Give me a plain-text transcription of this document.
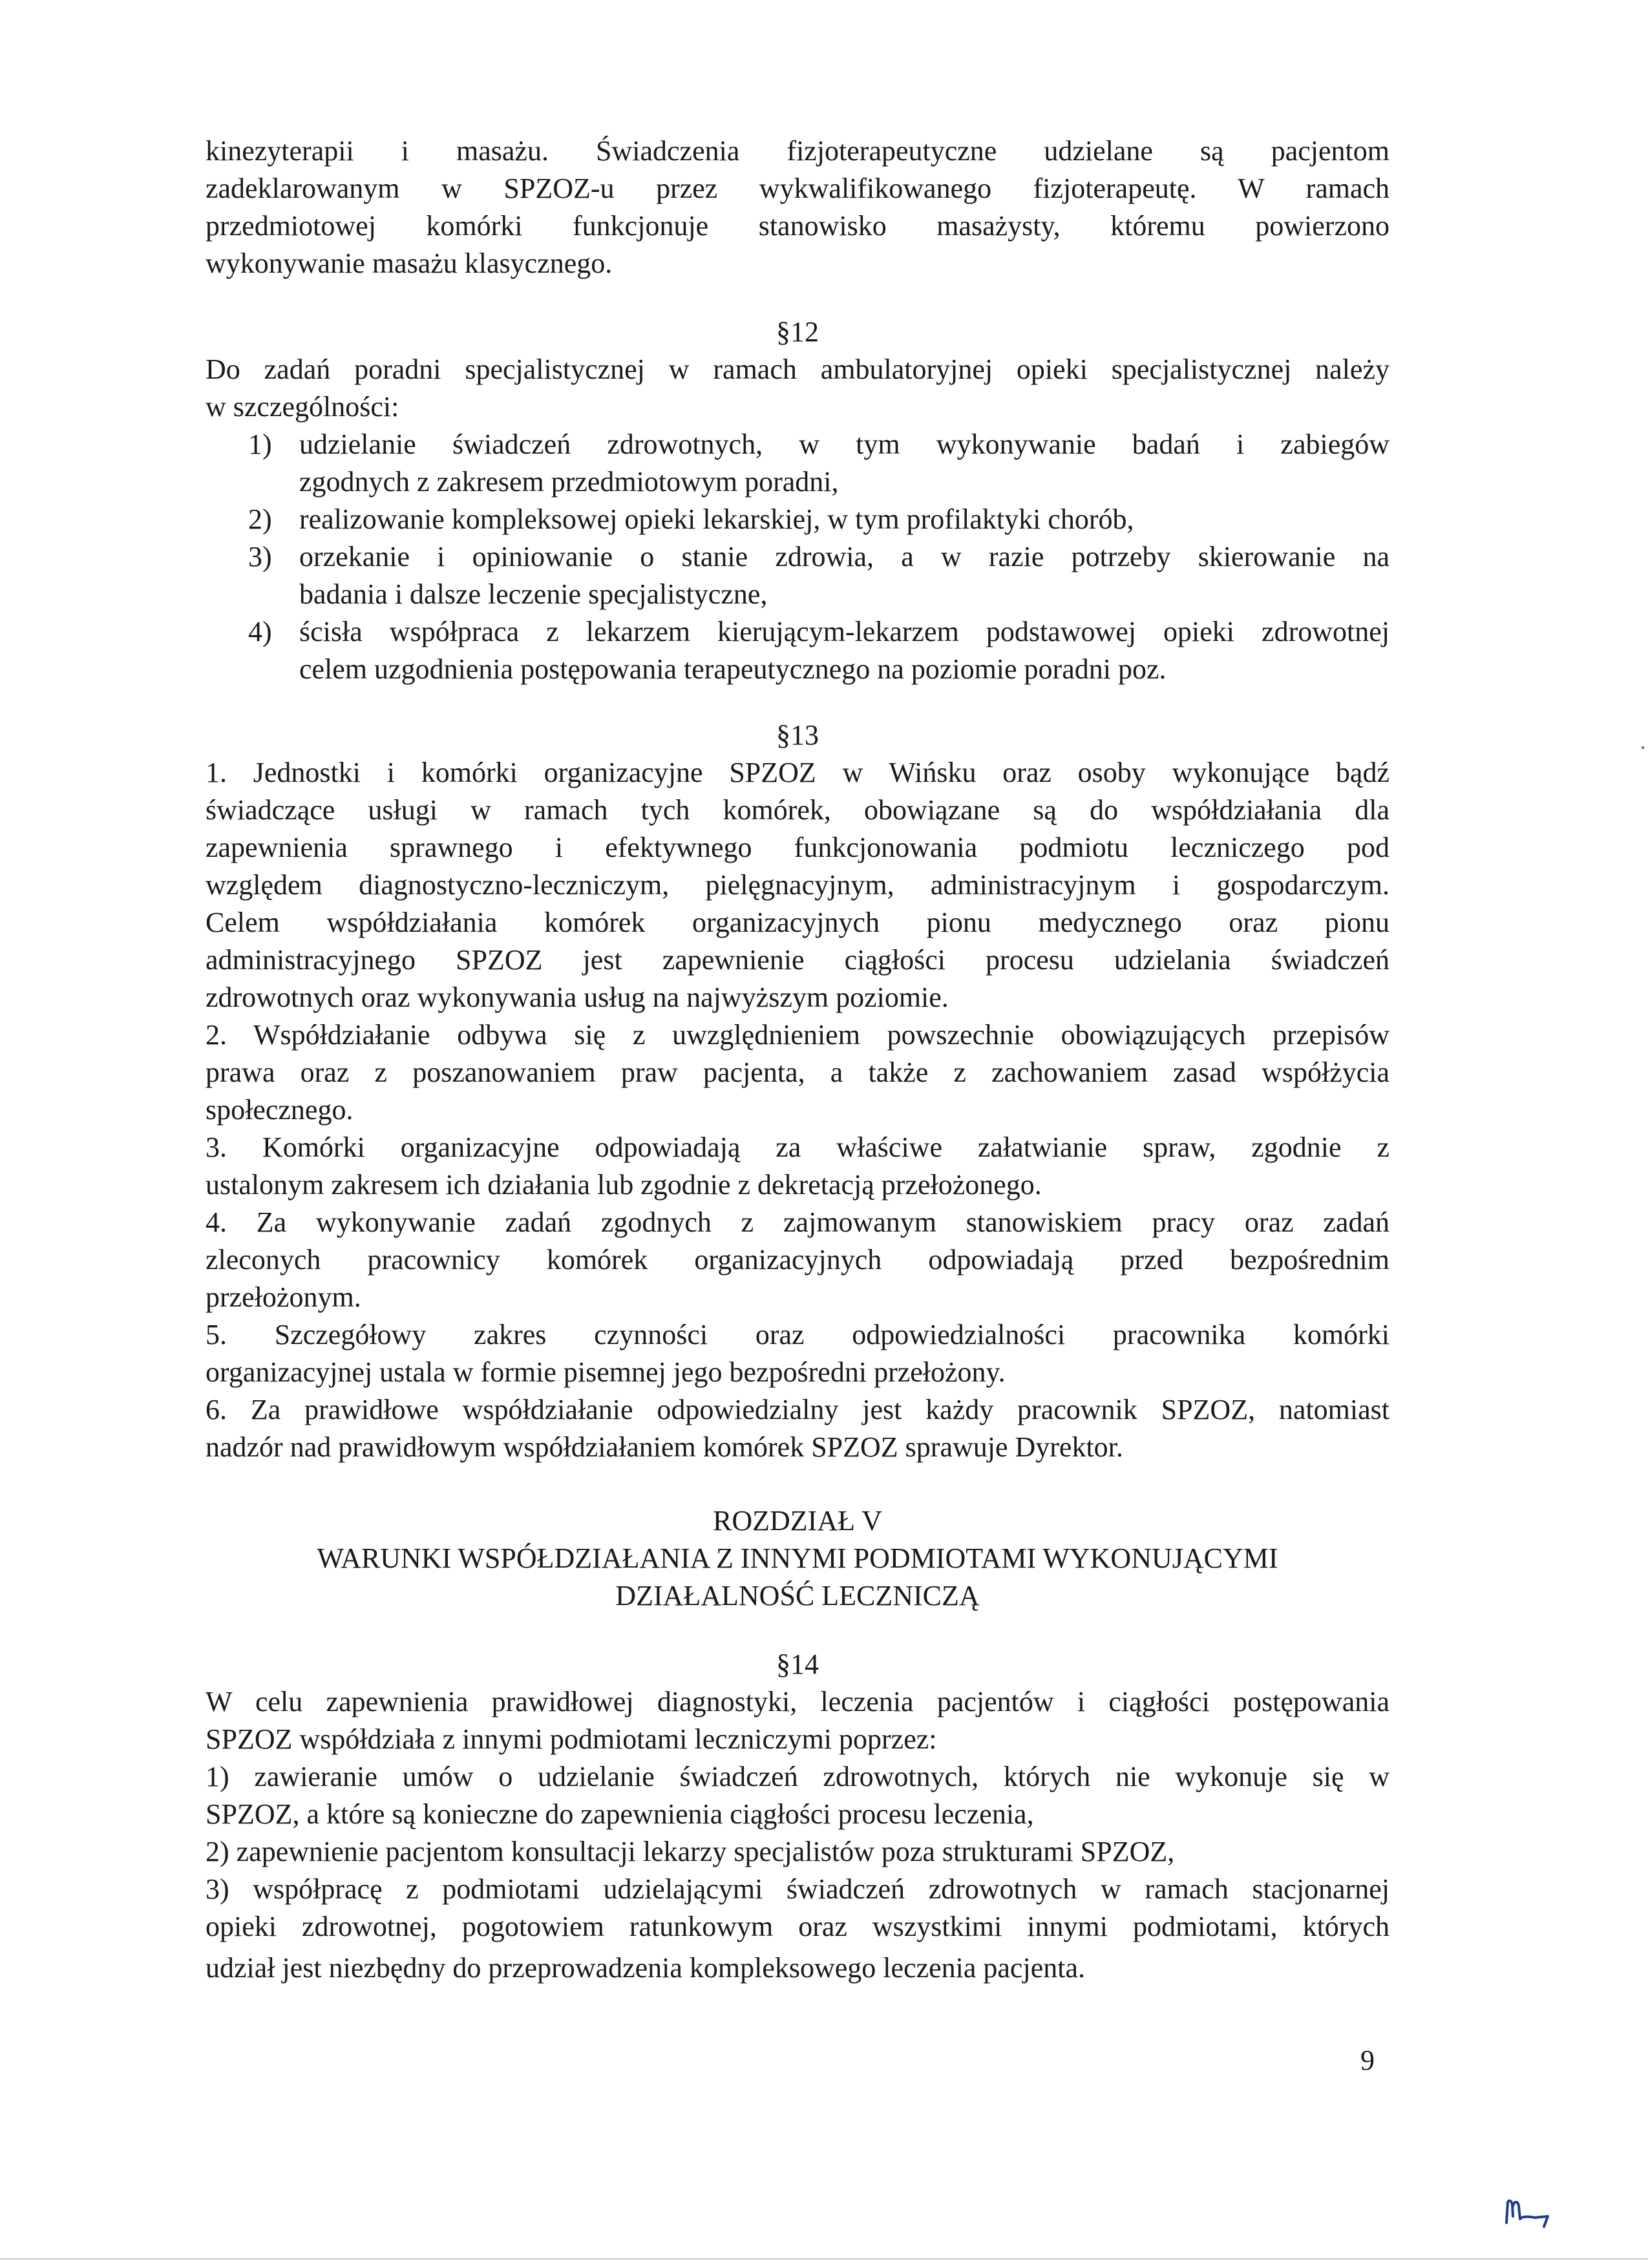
kinezyterapii i masażu. Świadczenia fizjoterapeutyczne udzielane są pacjentom

zadeklarowanym w SPZOZ-u przez wykwalifikowanego fizjoterapeutę. W ramach

przedmiotowej komórki funkcjonuje stanowisko masażysty, któremu powierzono

wykonywanie masażu klasycznego.

§12

Do zadań poradni specjalistycznej w ramach ambulatoryjnej opieki specjalistycznej należy

w szczególności:

1) udzielanie świadczeń zdrowotnych, w tym wykonywanie badań i zabiegów

zgodnych z zakresem przedmiotowym poradni,

2) realizowanie kompleksowej opieki lekarskiej, w tym profilaktyki chorób,

3) orzekanie i opiniowanie o stanie zdrowia, a w razie potrzeby skierowanie na

badania i dalsze leczenie specjalistyczne,

4) ścisła współpraca z lekarzem kierującym-lekarzem podstawowej opieki zdrowotnej

celem uzgodnienia postępowania terapeutycznego na poziomie poradni poz.

§13

1. Jednostki i komórki organizacyjne SPZOZ w Wińsku oraz osoby wykonujące bądź

świadczące usługi w ramach tych komórek, obowiązane są do współdziałania dla

zapewnienia sprawnego i efektywnego funkcjonowania podmiotu leczniczego pod

względem diagnostyczno-leczniczym, pielęgnacyjnym, administracyjnym i gospodarczym.

Celem współdziałania komórek organizacyjnych pionu medycznego oraz pionu

administracyjnego SPZOZ jest zapewnienie ciągłości procesu udzielania świadczeń

zdrowotnych oraz wykonywania usług na najwyższym poziomie.

2. Współdziałanie odbywa się z uwzględnieniem powszechnie obowiązujących przepisów

prawa oraz z poszanowaniem praw pacjenta, a także z zachowaniem zasad współżycia

społecznego.

3. Komórki organizacyjne odpowiadają za właściwe załatwianie spraw, zgodnie z

ustalonym zakresem ich działania lub zgodnie z dekretacją przełożonego.

4. Za wykonywanie zadań zgodnych z zajmowanym stanowiskiem pracy oraz zadań

zleconych pracownicy komórek organizacyjnych odpowiadają przed bezpośrednim

przełożonym.

5. Szczegółowy zakres czynności oraz odpowiedzialności pracownika komórki

organizacyjnej ustala w formie pisemnej jego bezpośredni przełożony.

6. Za prawidłowe współdziałanie odpowiedzialny jest każdy pracownik SPZOZ, natomiast

nadzór nad prawidłowym współdziałaniem komórek SPZOZ sprawuje Dyrektor.

ROZDZIAŁ V

WARUNKI WSPÓŁDZIAŁANIA Z INNYMI PODMIOTAMI WYKONUJĄCYMI

DZIAŁALNOŚĆ LECZNICZĄ

§14

W celu zapewnienia prawidłowej diagnostyki, leczenia pacjentów i ciągłości postępowania

SPZOZ współdziała z innymi podmiotami leczniczymi poprzez:

1) zawieranie umów o udzielanie świadczeń zdrowotnych, których nie wykonuje się w

SPZOZ, a które są konieczne do zapewnienia ciągłości procesu leczenia,

2) zapewnienie pacjentom konsultacji lekarzy specjalistów poza strukturami SPZOZ,

3) współpracę z podmiotami udzielającymi świadczeń zdrowotnych w ramach stacjonarnej

opieki zdrowotnej, pogotowiem ratunkowym oraz wszystkimi innymi podmiotami, których

udział jest niezbędny do przeprowadzenia kompleksowego leczenia pacjenta.

9
